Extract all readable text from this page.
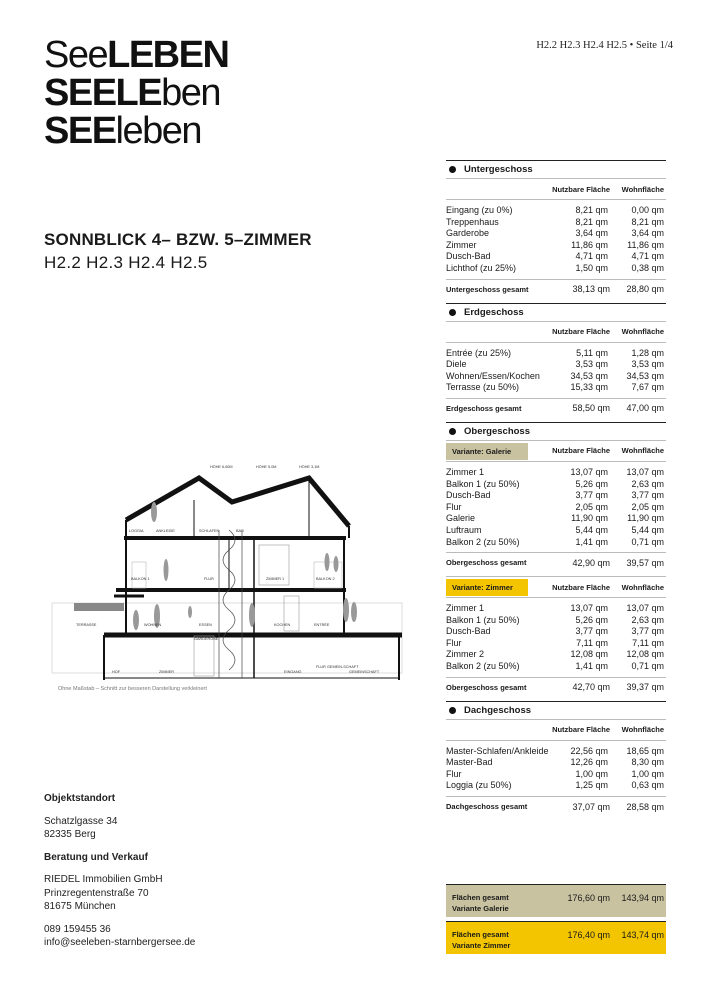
SeeLEBEN
SEELEben
SEEleben
H2.2 H2.3 H2.4 H2.5 • Seite 1/4
SONNBLICK 4– BZW. 5–ZIMMER
H2.2 H2.3 H2.4 H2.5
HÖHE 6,60M	HÖHE 5,0M	HÖHE 3,1M
LOGGIA	ANKLEIDE	SCHLAFEN	BAD
BALKON 1	BALKON 2
ZIMMER 1
FLUR
TERRASSE	WOHNEN	ESSEN	KOCHEN	ENTRÉE
HOF	ZIMMER
GARDEROBE
EINGANG
FLUR GEMEIN-SCHAFT
GEMEINSCHAFT
Ohne Maßstab – Schnitt zur besseren Darstellung verkleinert
Objektstandort
Schatzlgasse 34
82335 Berg
Beratung und Verkauf
RIEDEL Immobilien GmbH
Prinzregentenstraße 70
81675 München
089 159455 36
info@seeleben-starnbergersee.de
Untergeschoss
Nutzbare Fläche Wohnfläche
Eingang (zu 0%)	8,21 qm	0,00 qm
Treppenhaus	8,21 qm	8,21 qm
Garderobe	3,64 qm	3,64 qm
Zimmer	11,86 qm 11,86 qm
Dusch-Bad	4,71 qm	4,71 qm
Lichthof (zu 25%)	1,50 qm	0,38 qm
Untergeschoss gesamt	38,13 qm 28,80 qm
Erdgeschoss
Nutzbare Fläche Wohnfläche
Entrée (zu 25%)	5,11 qm	1,28 qm
Diele	3,53 qm	3,53 qm
Wohnen/Essen/Kochen	34,53 qm 34,53 qm
Terrasse (zu 50%)	15,33 qm	7,67 qm
Erdgeschoss gesamt	58,50 qm 47,00 qm
Obergeschoss
Variante: Galerie	Nutzbare Fläche Wohnfläche
Zimmer 1	13,07 qm 13,07 qm
Balkon 1 (zu 50%)	5,26 qm	2,63 qm
Dusch-Bad	3,77 qm	3,77 qm
Flur	2,05 qm	2,05 qm
Galerie	11,90 qm 11,90 qm
Luftraum	5,44 qm	5,44 qm
Balkon 2 (zu 50%)	1,41 qm	0,71 qm
Obergeschoss gesamt	42,90 qm 39,57 qm
Variante: Zimmer	Nutzbare Fläche Wohnfläche
Zimmer 1	13,07 qm 13,07 qm
Balkon 1 (zu 50%)	5,26 qm	2,63 qm
Dusch-Bad	3,77 qm	3,77 qm
Flur	7,11 qm	7,11 qm
Zimmer 2	12,08 qm 12,08 qm
Balkon 2 (zu 50%)	1,41 qm	0,71 qm
Obergeschoss gesamt	42,70 qm 39,37 qm
Dachgeschoss
Nutzbare Fläche Wohnfläche
Master-Schlafen/Ankleide 22,56 qm 18,65 qm
Master-Bad	12,26 qm	8,30 qm
Flur	1,00 qm	1,00 qm
Loggia (zu 50%)	1,25 qm	0,63 qm
Dachgeschoss gesamt	37,07 qm 28,58 qm
Flächen gesamt
Variante Galerie
176,60 qm 143,94 qm
Flächen gesamt
Variante Zimmer
176,40 qm 143,74 qm
